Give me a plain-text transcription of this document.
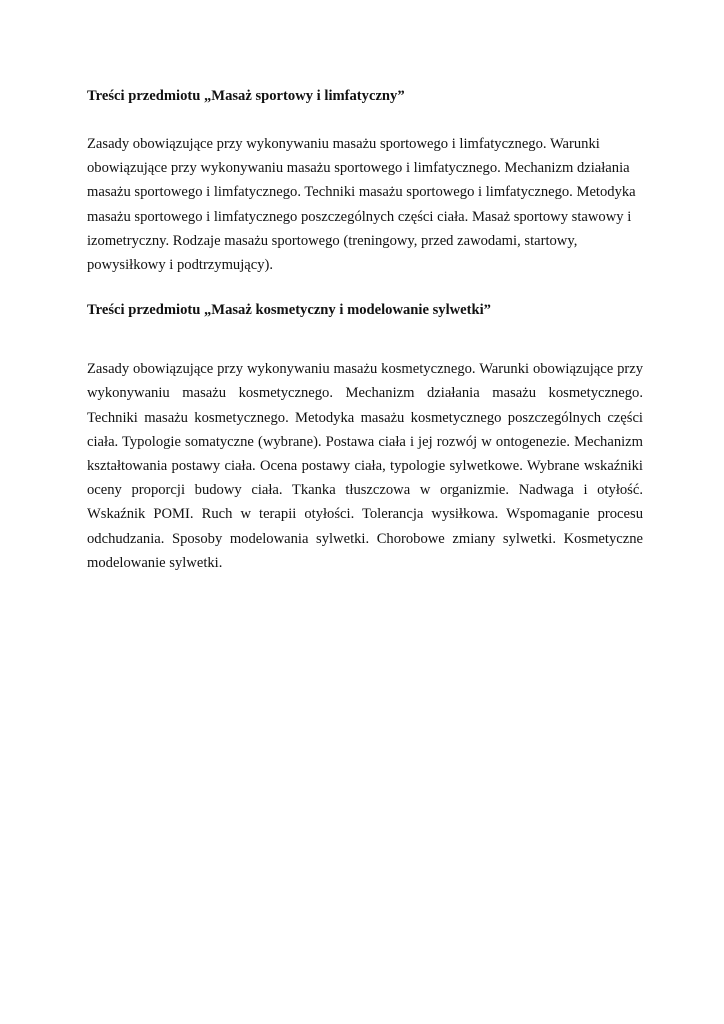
Treści przedmiotu „Masaż sportowy i limfatyczny”

Zasady obowiązujące przy wykonywaniu masażu sportowego i limfatycznego. Warunki obowiązujące przy wykonywaniu masażu sportowego i limfatycznego. Mechanizm działania masażu sportowego i limfatycznego. Techniki masażu sportowego i limfatycznego. Metodyka masażu sportowego i limfatycznego poszczególnych części ciała. Masaż sportowy stawowy i izometryczny. Rodzaje masażu sportowego (treningowy, przed zawodami, startowy, powysiłkowy i podtrzymujący).

Treści przedmiotu „Masaż kosmetyczny i modelowanie sylwetki”

Zasady obowiązujące przy wykonywaniu masażu kosmetycznego. Warunki obowiązujące przy wykonywaniu masażu kosmetycznego. Mechanizm działania masażu kosmetycznego. Techniki masażu kosmetycznego. Metodyka masażu kosmetycznego poszczególnych części ciała. Typologie somatyczne (wybrane). Postawa ciała i jej rozwój w ontogenezie. Mechanizm kształtowania postawy ciała. Ocena postawy ciała, typologie sylwetkowe. Wybrane wskaźniki oceny proporcji budowy ciała. Tkanka tłuszczowa w organizmie. Nadwaga i otyłość. Wskaźnik POMI. Ruch w terapii otyłości. Tolerancja wysiłkowa. Wspomaganie procesu odchudzania. Sposoby modelowania sylwetki. Chorobowe zmiany sylwetki. Kosmetyczne modelowanie sylwetki.
